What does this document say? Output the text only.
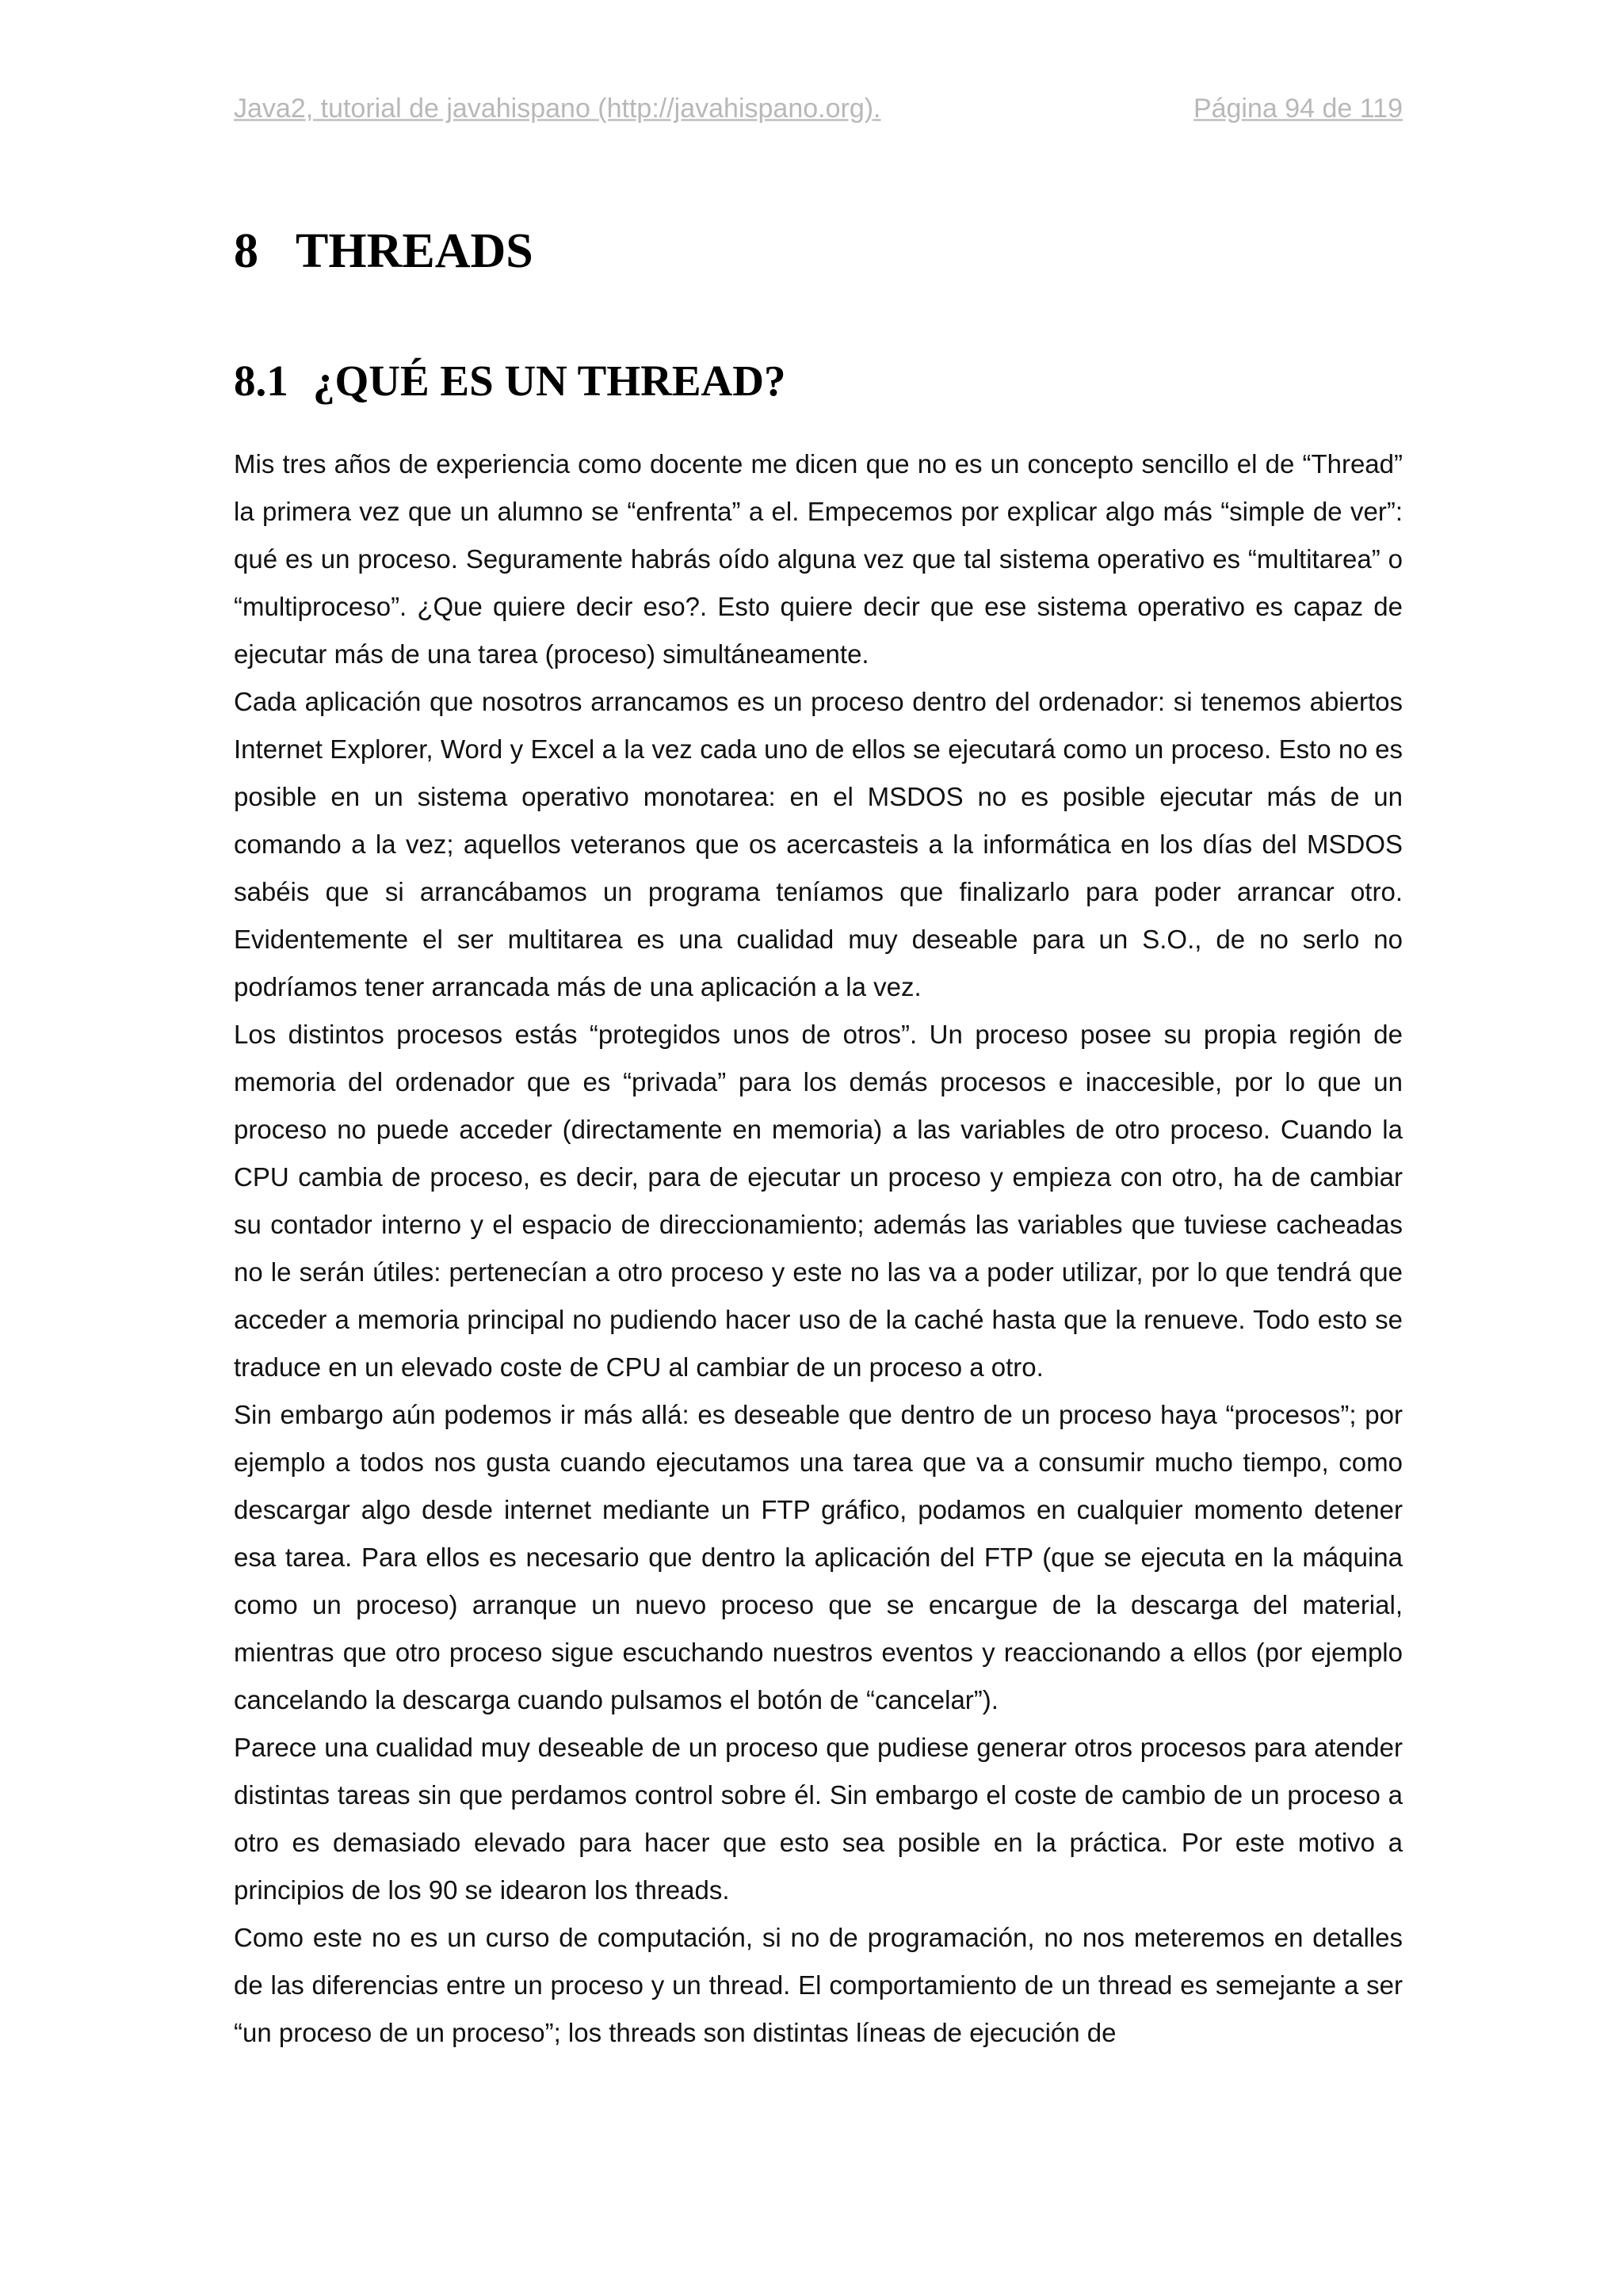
Java2, tutorial de javahispano (http://javahispano.org).	Página 94 de 119
8 THREADS
8.1 ¿QUÉ ES UN THREAD?

Mis tres años de experiencia como docente me dicen que no es un concepto sencillo el de “Thread” la primera vez que un alumno se “enfrenta” a el. Empecemos por explicar algo más “simple de ver”: qué es un proceso. Seguramente habrás oído alguna vez que tal sistema operativo es “multitarea” o “multiproceso”. ¿Que quiere decir eso?. Esto quiere decir que ese sistema operativo es capaz de ejecutar más de una tarea (proceso) simultáneamente.

Cada aplicación que nosotros arrancamos es un proceso dentro del ordenador: si tenemos abiertos Internet Explorer, Word y Excel a la vez cada uno de ellos se ejecutará como un proceso. Esto no es posible en un sistema operativo monotarea: en el MSDOS no es posible ejecutar más de un comando a la vez; aquellos veteranos que os acercasteis a la informática en los días del MSDOS sabéis que si arrancábamos un programa teníamos que finalizarlo para poder arrancar otro. Evidentemente el ser multitarea es una cualidad muy deseable para un S.O., de no serlo no podríamos tener arrancada más de una aplicación a la vez.

Los distintos procesos estás “protegidos unos de otros”. Un proceso posee su propia región de memoria del ordenador que es “privada” para los demás procesos e inaccesible, por lo que un proceso no puede acceder (directamente en memoria) a las variables de otro proceso. Cuando la CPU cambia de proceso, es decir, para de ejecutar un proceso y empieza con otro, ha de cambiar su contador interno y el espacio de direccionamiento; además las variables que tuviese cacheadas no le serán útiles: pertenecían a otro proceso y este no las va a poder utilizar, por lo que tendrá que acceder a memoria principal no pudiendo hacer uso de la caché hasta que la renueve. Todo esto se traduce en un elevado coste de CPU al cambiar de un proceso a otro.

Sin embargo aún podemos ir más allá: es deseable que dentro de un proceso haya “procesos”; por ejemplo a todos nos gusta cuando ejecutamos una tarea que va a consumir mucho tiempo, como descargar algo desde internet mediante un FTP gráfico, podamos en cualquier momento detener esa tarea. Para ellos es necesario que dentro la aplicación del FTP (que se ejecuta en la máquina como un proceso) arranque un nuevo proceso que se encargue de la descarga del material, mientras que otro proceso sigue escuchando nuestros eventos y reaccionando a ellos (por ejemplo cancelando la descarga cuando pulsamos el botón de “cancelar”).

Parece una cualidad muy deseable de un proceso que pudiese generar otros procesos para atender distintas tareas sin que perdamos control sobre él. Sin embargo el coste de cambio de un proceso a otro es demasiado elevado para hacer que esto sea posible en la práctica. Por este motivo a principios de los 90 se idearon los threads.

Como este no es un curso de computación, si no de programación, no nos meteremos en detalles de las diferencias entre un proceso y un thread. El comportamiento de un thread es semejante a ser “un proceso de un proceso”; los threads son distintas líneas de ejecución de
